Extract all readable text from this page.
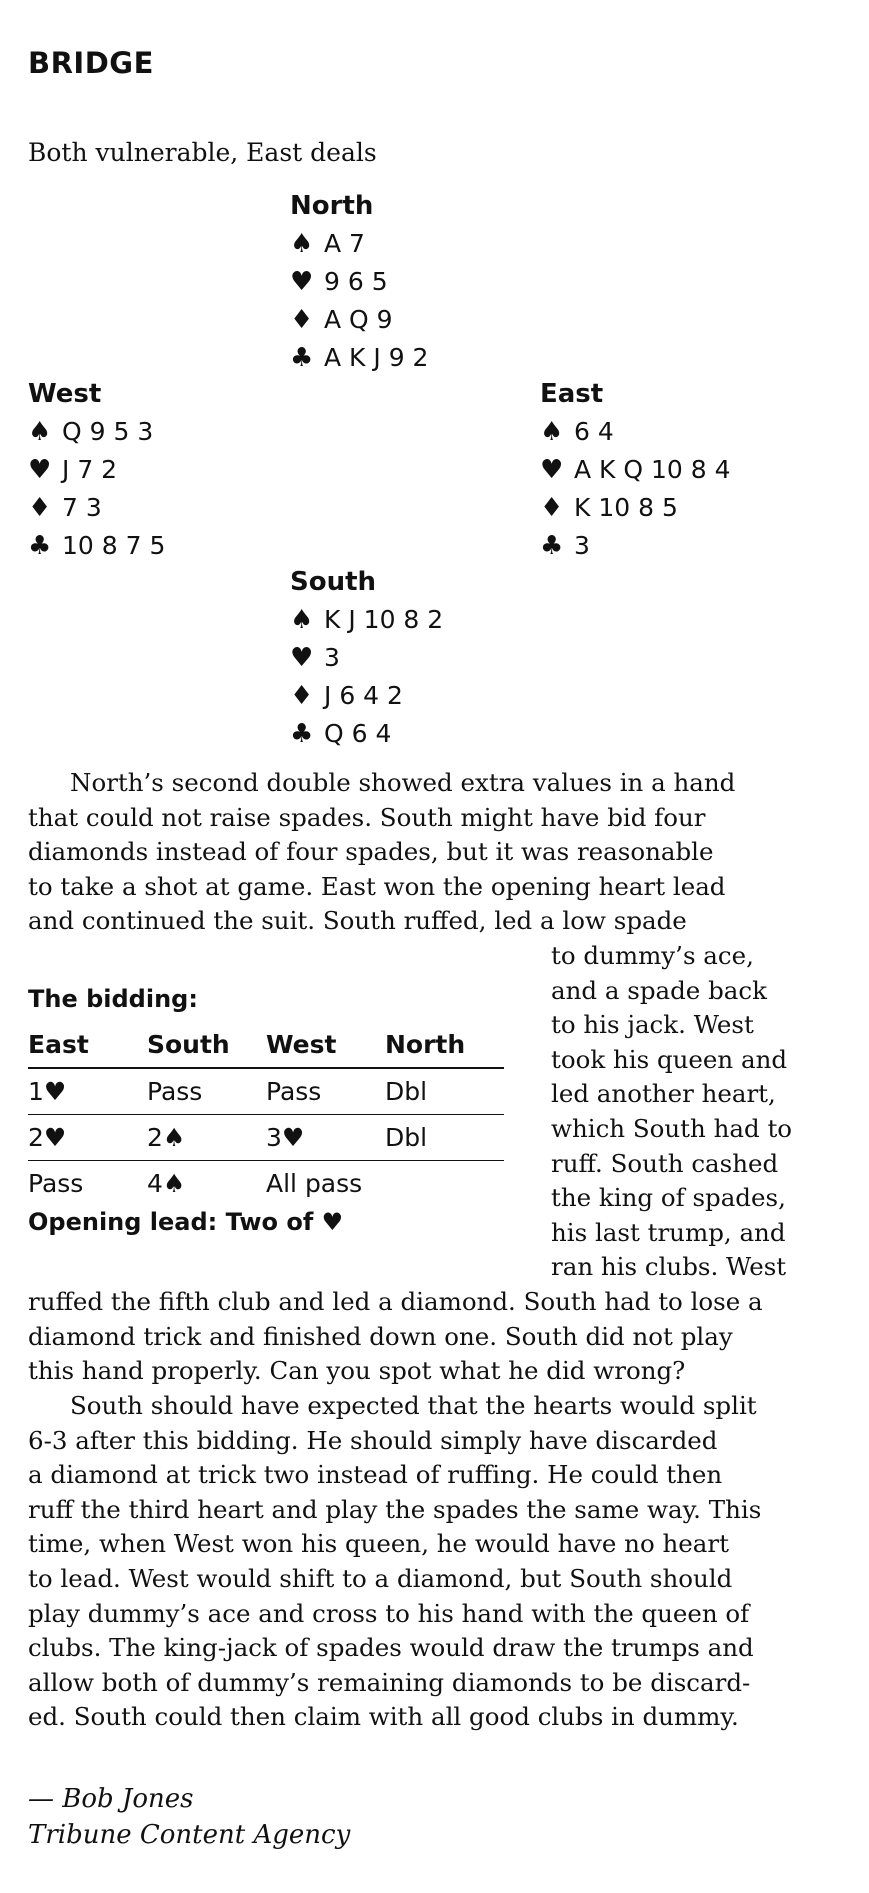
BRIDGE
Both vulnerable, East deals
North
♠ A 7
♥ 9 6 5
♦ A Q 9
♣ A K J 9 2
West
♠ Q 9 5 3
♥ J 7 2
♦ 7 3
♣ 10 8 7 5
East
♠ 6 4
♥ A K Q 10 8 4
♦ K 10 8 5
♣ 3
South
♠ K J 10 8 2
♥ 3
♦ J 6 4 2
♣ Q 6 4
North’s second double showed extra values in a hand
that could not raise spades. South might have bid four
diamonds instead of four spades, but it was reasonable
to take a shot at game. East won the opening heart lead
and continued the suit. South ruffed, led a low spade
to dummy’s ace,
and a spade back
to his jack. West
took his queen and
led another heart,
which South had to
ruff. South cashed
the king of spades,
his last trump, and
ran his clubs. West
The bidding:
East	South	West	North
1♥	Pass	Pass	Dbl
2♥	2♠	3♥	Dbl
Pass	4♠	All pass	
Opening lead: Two of ♥
ruffed the fifth club and led a diamond. South had to lose a
diamond trick and finished down one. South did not play
this hand properly. Can you spot what he did wrong?
South should have expected that the hearts would split
6-3 after this bidding. He should simply have discarded
a diamond at trick two instead of ruffing. He could then
ruff the third heart and play the spades the same way. This
time, when West won his queen, he would have no heart
to lead. West would shift to a diamond, but South should
play dummy’s ace and cross to his hand with the queen of
clubs. The king-jack of spades would draw the trumps and
allow both of dummy’s remaining diamonds to be discard-
ed. South could then claim with all good clubs in dummy.
— Bob Jones
Tribune Content Agency
